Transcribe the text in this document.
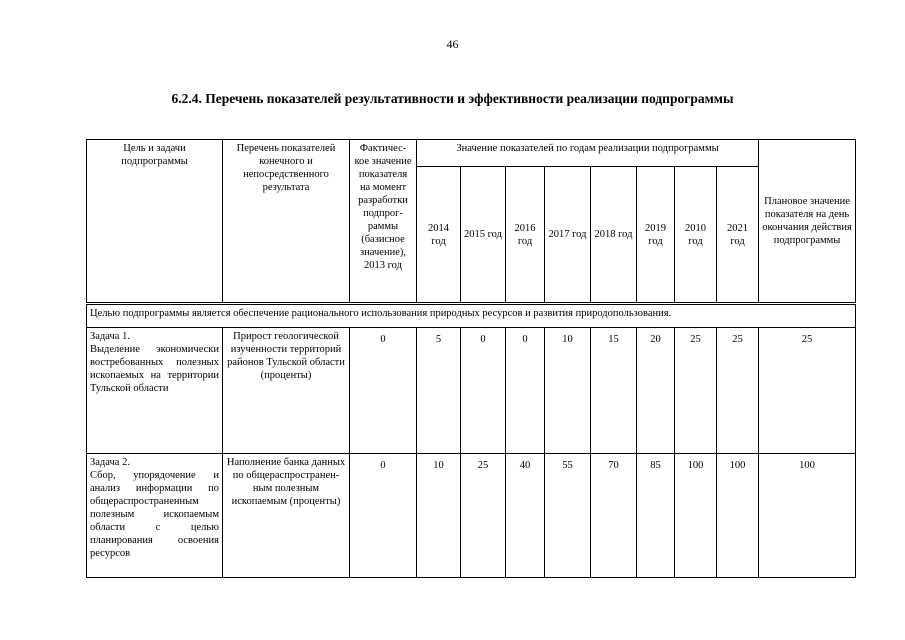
46
6.2.4. Перечень показателей результативности и эффективности реализации подпрограммы
Цель и задачи подпрограммы	Перечень показателей конечного и непосредственного результата	Фактичес-кое значение показателя на момент разработки подпрог-раммы (базисное значение), 2013 год	Значение показателей по годам реализации подпрограммы								Плановое значение показателя на день окончания действия подпрограммы
			2014 год	2015 год	2016 год	2017 год	2018 год	2019 год	2010 год	2021 год	
Целью подпрограммы является обеспечение рационального использования природных ресурсов и развития природопользования.											
Задача 1.
Выделение экономически востребованных полезных ископаемых на территории Тульской области	Прирост геологической изученности территорий районов Тульской области (проценты)	0	5	0	0	10	15	20	25	25	25
Задача 2.
Сбор, упорядочение и анализ информации по общераспространенным полезным ископаемым области с целью планирования освоения ресурсов	Наполнение банка данных по общераспространен-ным полезным ископаемым (проценты)	0	10	25	40	55	70	85	100	100	100
